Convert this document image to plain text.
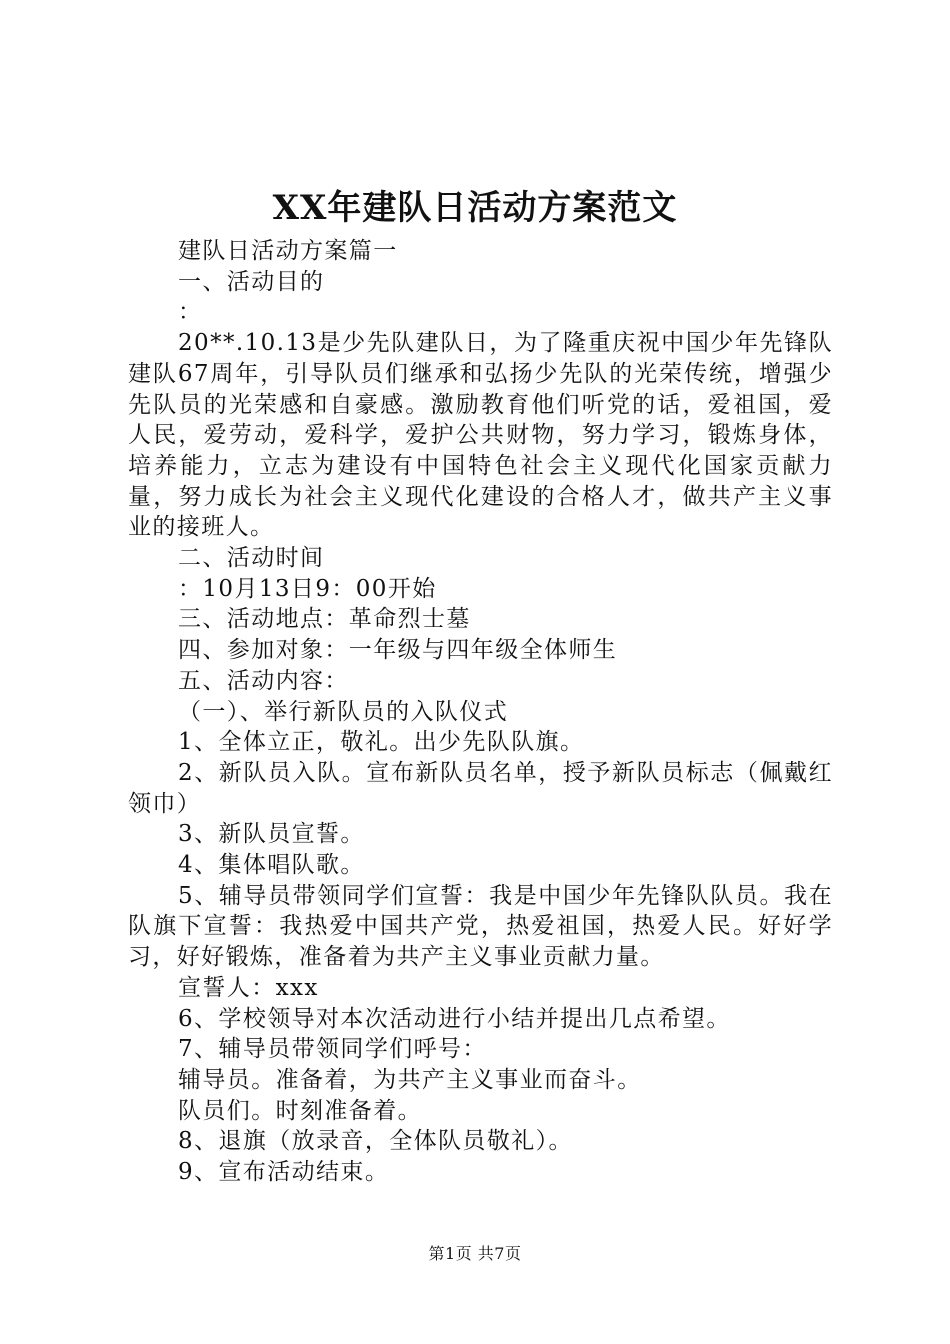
XX年建队日活动方案范文

建队日活动方案篇一

一、活动目的

：

20**.10.13是少先队建队日，为了隆重庆祝中国少年先锋队建队67周年，引导队员们继承和弘扬少先队的光荣传统，增强少先队员的光荣感和自豪感。激励教育他们听党的话，爱祖国，爱人民，爱劳动，爱科学，爱护公共财物，努力学习，锻炼身体，培养能力，立志为建设有中国特色社会主义现代化国家贡献力量，努力成长为社会主义现代化建设的合格人才，做共产主义事业的接班人。

二、活动时间

：10月13日9：00开始

三、活动地点：革命烈士墓

四、参加对象：一年级与四年级全体师生

五、活动内容：

（一）、举行新队员的入队仪式

1、全体立正，敬礼。出少先队队旗。

2、新队员入队。宣布新队员名单，授予新队员标志（佩戴红领巾）

3、新队员宣誓。

4、集体唱队歌。

5、辅导员带领同学们宣誓：我是中国少年先锋队队员。我在队旗下宣誓：我热爱中国共产党，热爱祖国，热爱人民。好好学习，好好锻炼，准备着为共产主义事业贡献力量。

宣誓人：xxx

6、学校领导对本次活动进行小结并提出几点希望。

7、辅导员带领同学们呼号：

辅导员。准备着，为共产主义事业而奋斗。

队员们。时刻准备着。

8、退旗（放录音，全体队员敬礼）。

9、宣布活动结束。

第1页 共7页
